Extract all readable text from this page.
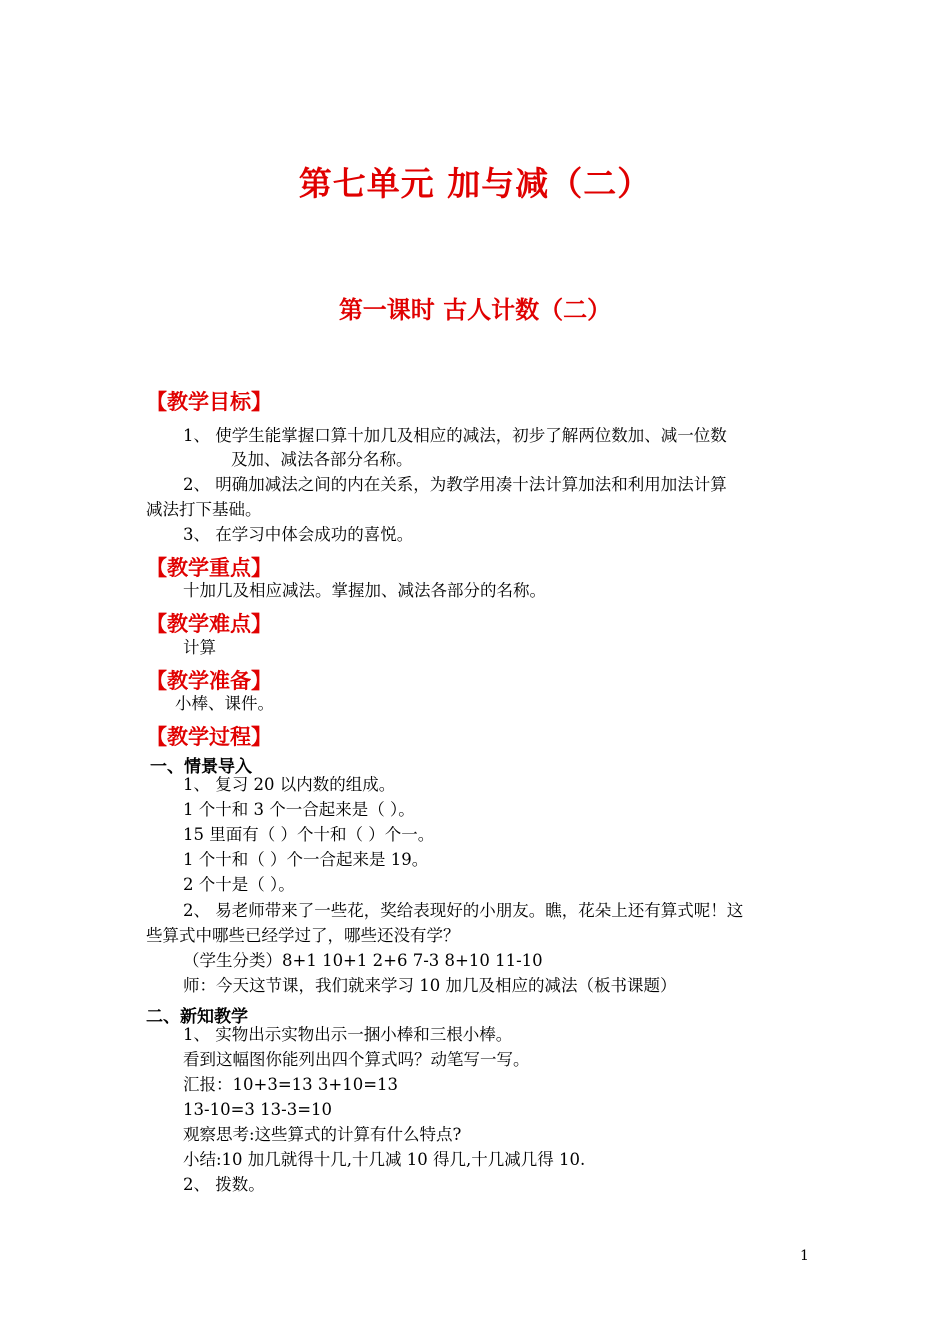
第七单元 加与减（二）
第一课时 古人计数（二）
【教学目标】
1、 使学生能掌握口算十加几及相应的减法，初步了解两位数加、减一位数
及加、减法各部分名称。
2、 明确加减法之间的内在关系，为教学用凑十法计算加法和利用加法计算
减法打下基础。
3、 在学习中体会成功的喜悦。
【教学重点】
十加几及相应减法。掌握加、减法各部分的名称。
【教学难点】
计算
【教学准备】
小棒、课件。
【教学过程】
一、情景导入
1、 复习 20 以内数的组成。
1 个十和 3 个一合起来是（ ）。
15 里面有（ ）个十和（ ）个一。
1 个十和（ ）个一合起来是 19。
2 个十是（ ）。
2、 易老师带来了一些花，奖给表现好的小朋友。瞧，花朵上还有算式呢！这
些算式中哪些已经学过了，哪些还没有学？
（学生分类）8+1 10+1 2+6 7-3 8+10 11-10
师：今天这节课，我们就来学习 10 加几及相应的减法（板书课题）
二、新知教学
1、 实物出示实物出示一捆小棒和三根小棒。
看到这幅图你能列出四个算式吗？动笔写一写。
汇报：10+3=13 3+10=13
13-10=3 13-3=10
观察思考:这些算式的计算有什么特点?
小结:10 加几就得十几,十几减 10 得几,十几减几得 10.
2、 拨数。
1
